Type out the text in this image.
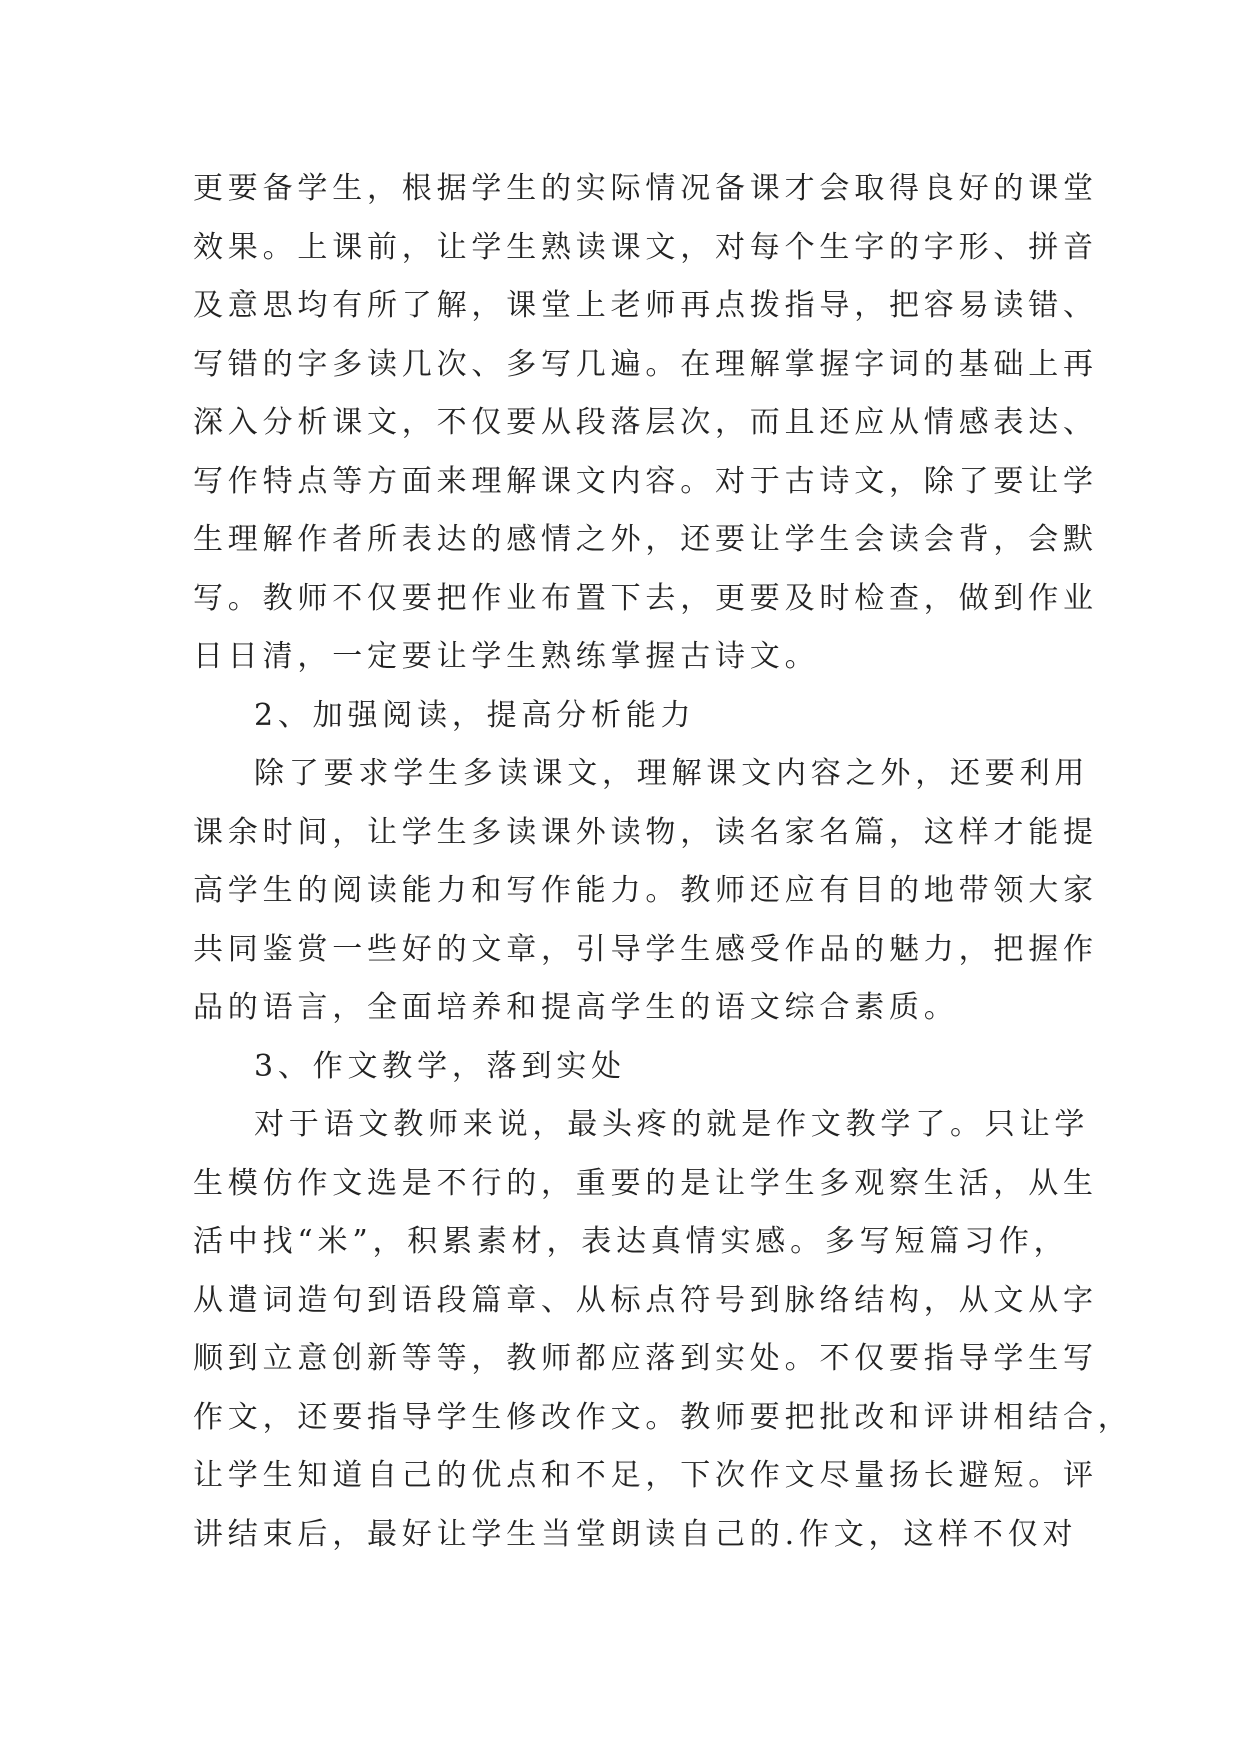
更要备学生，根据学生的实际情况备课才会取得良好的课堂
效果。上课前，让学生熟读课文，对每个生字的字形、拼音
及意思均有所了解，课堂上老师再点拨指导，把容易读错、
写错的字多读几次、多写几遍。在理解掌握字词的基础上再
深入分析课文，不仅要从段落层次，而且还应从情感表达、
写作特点等方面来理解课文内容。对于古诗文，除了要让学
生理解作者所表达的感情之外，还要让学生会读会背，会默
写。教师不仅要把作业布置下去，更要及时检查，做到作业
日日清，一定要让学生熟练掌握古诗文。
2、加强阅读，提高分析能力
除了要求学生多读课文，理解课文内容之外，还要利用
课余时间，让学生多读课外读物，读名家名篇，这样才能提
高学生的阅读能力和写作能力。教师还应有目的地带领大家
共同鉴赏一些好的文章，引导学生感受作品的魅力，把握作
品的语言，全面培养和提高学生的语文综合素质。
3、作文教学，落到实处
对于语文教师来说，最头疼的就是作文教学了。只让学
生模仿作文选是不行的，重要的是让学生多观察生活，从生
活中找“米”，积累素材，表达真情实感。多写短篇习作，
从遣词造句到语段篇章、从标点符号到脉络结构，从文从字
顺到立意创新等等，教师都应落到实处。不仅要指导学生写
作文，还要指导学生修改作文。教师要把批改和评讲相结合，
让学生知道自己的优点和不足，下次作文尽量扬长避短。评
讲结束后，最好让学生当堂朗读自己的.作文，这样不仅对
